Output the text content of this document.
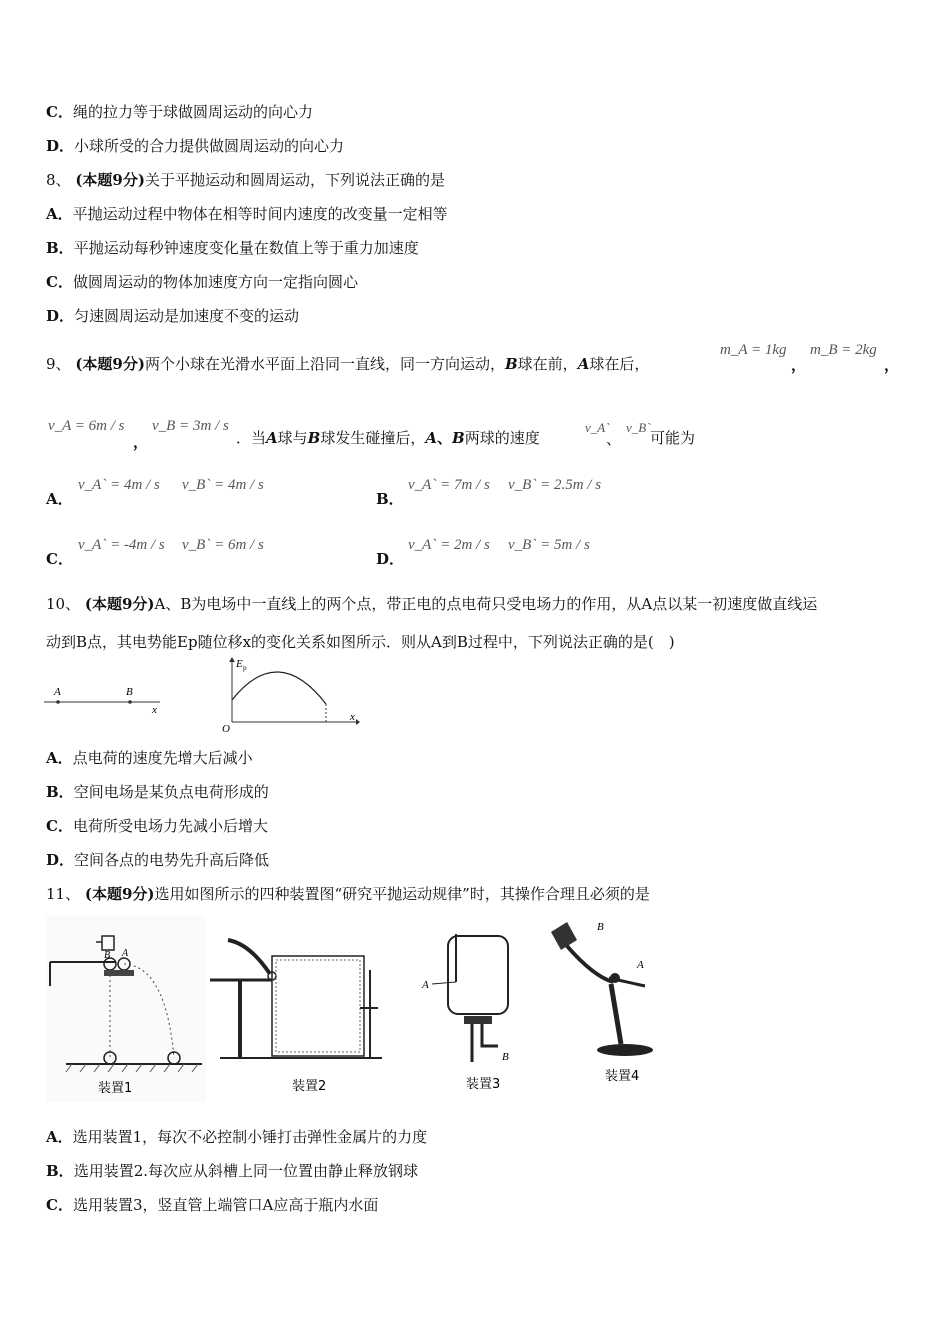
C．绳的拉力等于球做圆周运动的向心力
D．小球所受的合力提供做圆周运动的向心力
8、 (本题9分)关于平抛运动和圆周运动，下列说法正确的是
A．平抛运动过程中物体在相等时间内速度的改变量一定相等
B．平抛运动每秒钟速度变化量在数值上等于重力加速度
C．做圆周运动的物体加速度方向一定指向圆心
D．匀速圆周运动是加速度不变的运动
9、 (本题9分)两个小球在光滑水平面上沿同一直线，同一方向运动，B球在前，A球在后，
m_A = 1kg
，
m_B = 2kg
，
v_A = 6m / s
，
v_B = 3m / s
．当A球与B球发生碰撞后，A、B两球的速度
v_A`
、
v_B`
可能为
A．
v_A` = 4m / s v_B` = 4m / s
B．
v_A` = 7m / s v_B` = 2.5m / s
C．
v_A` = -4m / s v_B` = 6m / s
D．
v_A` = 2m / s v_B` = 5m / s
10、 (本题9分)A、B为电场中一直线上的两个点，带正电的点电荷只受电场力的作用，从A点以某一初速度做直线运
动到B点，其电势能Ep随位移x的变化关系如图所示．则从A到B过程中，下列说法正确的是(　)
A	B
x
E p
O
x
A．点电荷的速度先增大后减小
B．空间电场是某负点电荷形成的
C．电荷所受电场力先减小后增大
D．空间各点的电势先升高后降低
11、 (本题9分)选用如图所示的四种装置图“研究平抛运动规律”时，其操作合理且必须的是
B A
装置1	装置2
A
B
装置3
B
A
装置4
A．选用装置1，每次不必控制小锤打击弹性金属片的力度
B．选用装置2.每次应从斜槽上同一位置由静止释放钢球
C．选用装置3，竖直管上端管口A应高于瓶内水面
